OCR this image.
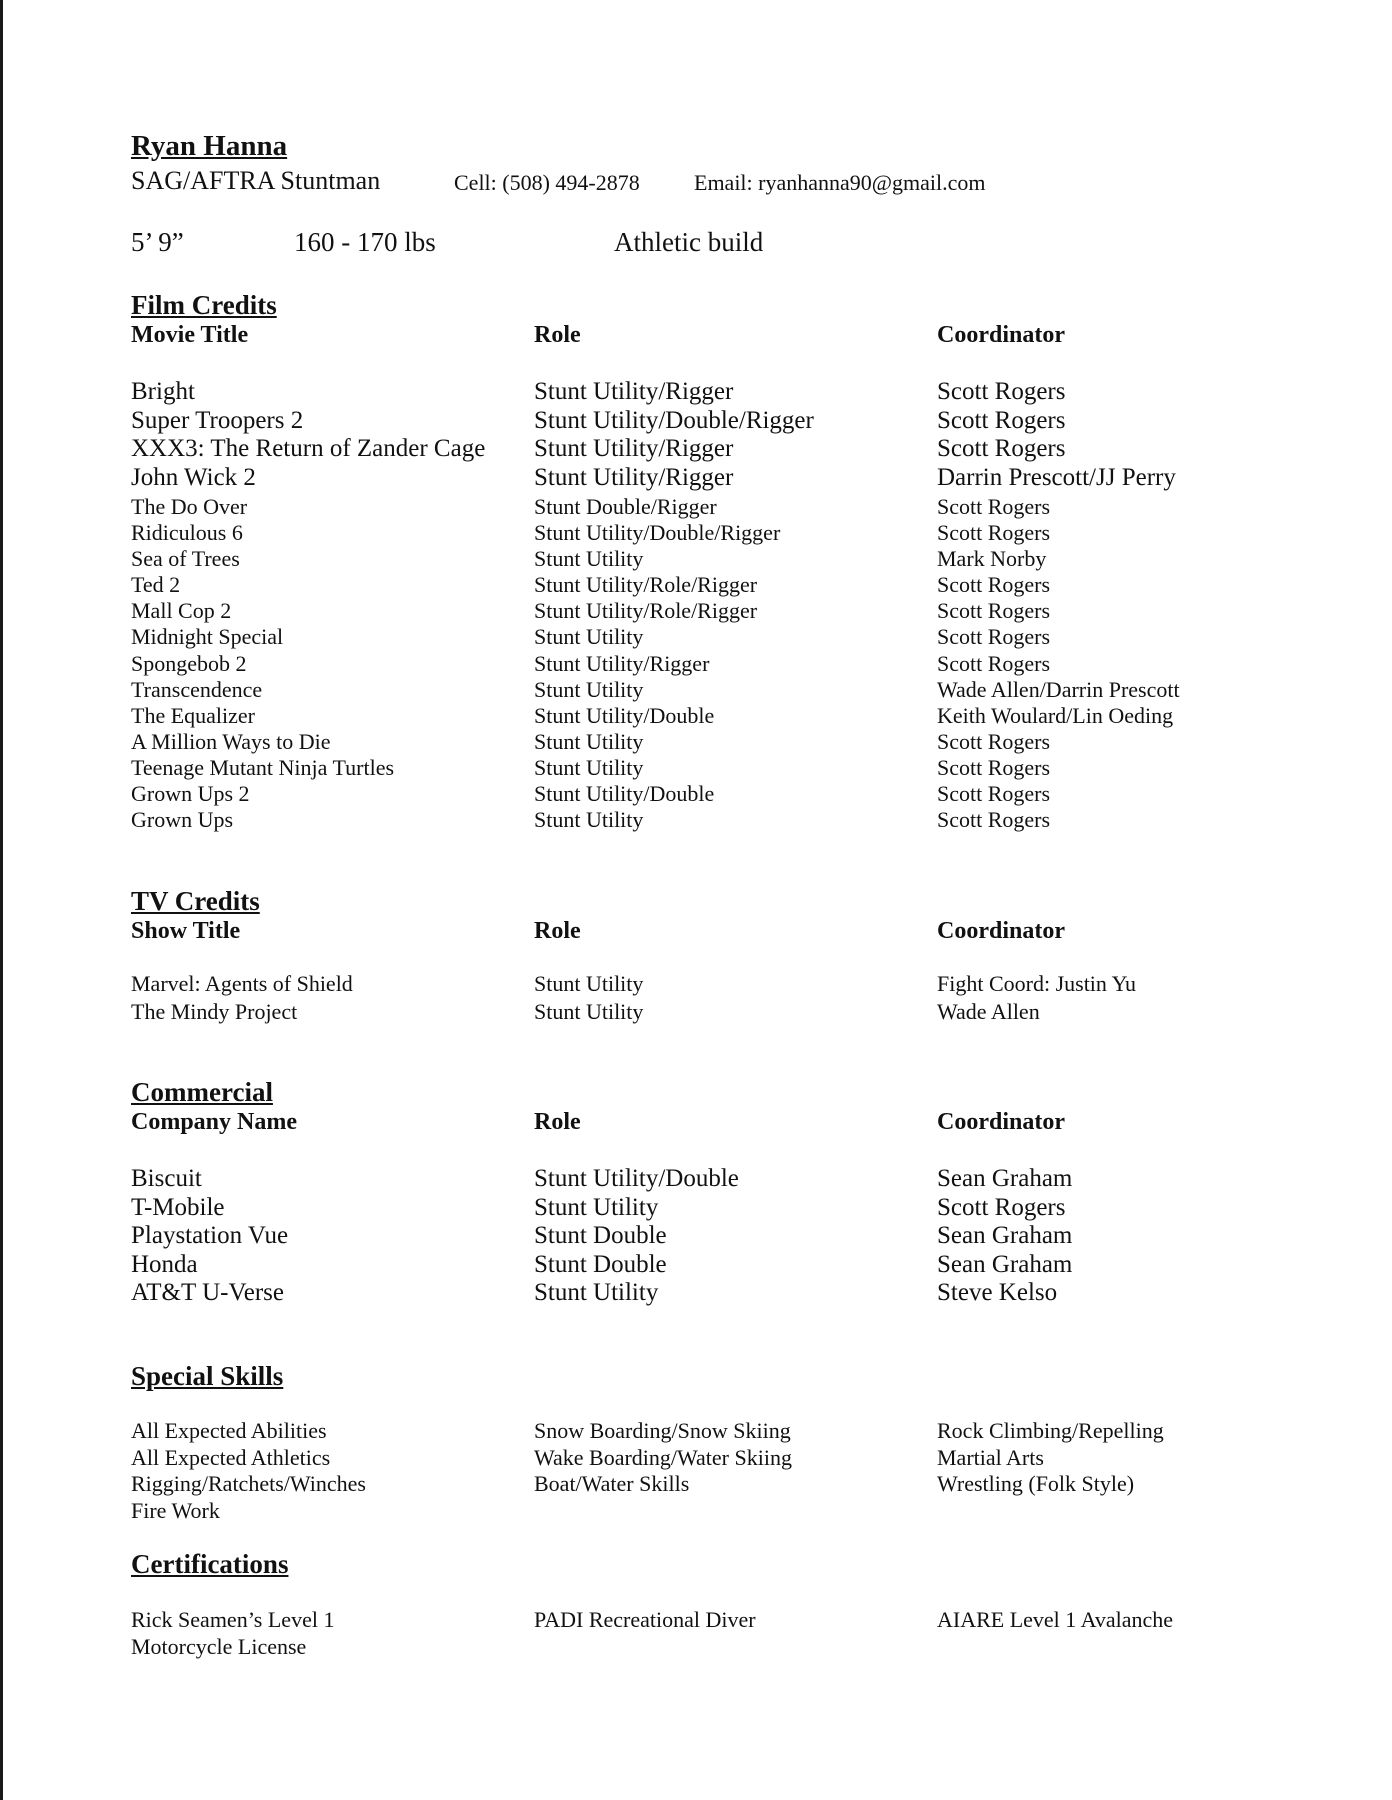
Ryan Hanna
SAG/AFTRA Stuntman	Cell: (508) 494-2878 Email: ryanhanna90@gmail.com
5’ 9”	160 - 170 lbs	Athletic build
Film Credits
Movie Title	Role	Coordinator
Bright	Stunt Utility/Rigger	Scott Rogers
Super Troopers 2	Stunt Utility/Double/Rigger	Scott Rogers
XXX3: The Return of Zander Cage	Stunt Utility/Rigger	Scott Rogers
John Wick 2	Stunt Utility/Rigger	Darrin Prescott/JJ Perry
The Do Over	Stunt Double/Rigger	Scott Rogers
Ridiculous 6	Stunt Utility/Double/Rigger	Scott Rogers
Sea of Trees	Stunt Utility	Mark Norby
Ted 2	Stunt Utility/Role/Rigger	Scott Rogers
Mall Cop 2	Stunt Utility/Role/Rigger	Scott Rogers
Midnight Special	Stunt Utility	Scott Rogers
Spongebob 2	Stunt Utility/Rigger	Scott Rogers
Transcendence	Stunt Utility	Wade Allen/Darrin Prescott
The Equalizer	Stunt Utility/Double	Keith Woulard/Lin Oeding
A Million Ways to Die	Stunt Utility	Scott Rogers
Teenage Mutant Ninja Turtles	Stunt Utility	Scott Rogers
Grown Ups 2	Stunt Utility/Double	Scott Rogers
Grown Ups	Stunt Utility	Scott Rogers
TV Credits
Show Title	Role	Coordinator
Marvel: Agents of Shield	Stunt Utility	Fight Coord: Justin Yu
The Mindy Project	Stunt Utility	Wade Allen
Commercial
Company Name	Role	Coordinator
Biscuit	Stunt Utility/Double	Sean Graham
T-Mobile	Stunt Utility	Scott Rogers
Playstation Vue	Stunt Double	Sean Graham
Honda	Stunt Double	Sean Graham
AT&T U-Verse	Stunt Utility	Steve Kelso
Special Skills
All Expected Abilities	Snow Boarding/Snow Skiing	Rock Climbing/Repelling
All Expected Athletics	Wake Boarding/Water Skiing	Martial Arts
Rigging/Ratchets/Winches	Boat/Water Skills	Wrestling (Folk Style)
Fire Work
Certifications
Rick Seamen’s Level 1	PADI Recreational Diver	AIARE Level 1 Avalanche
Motorcycle License
